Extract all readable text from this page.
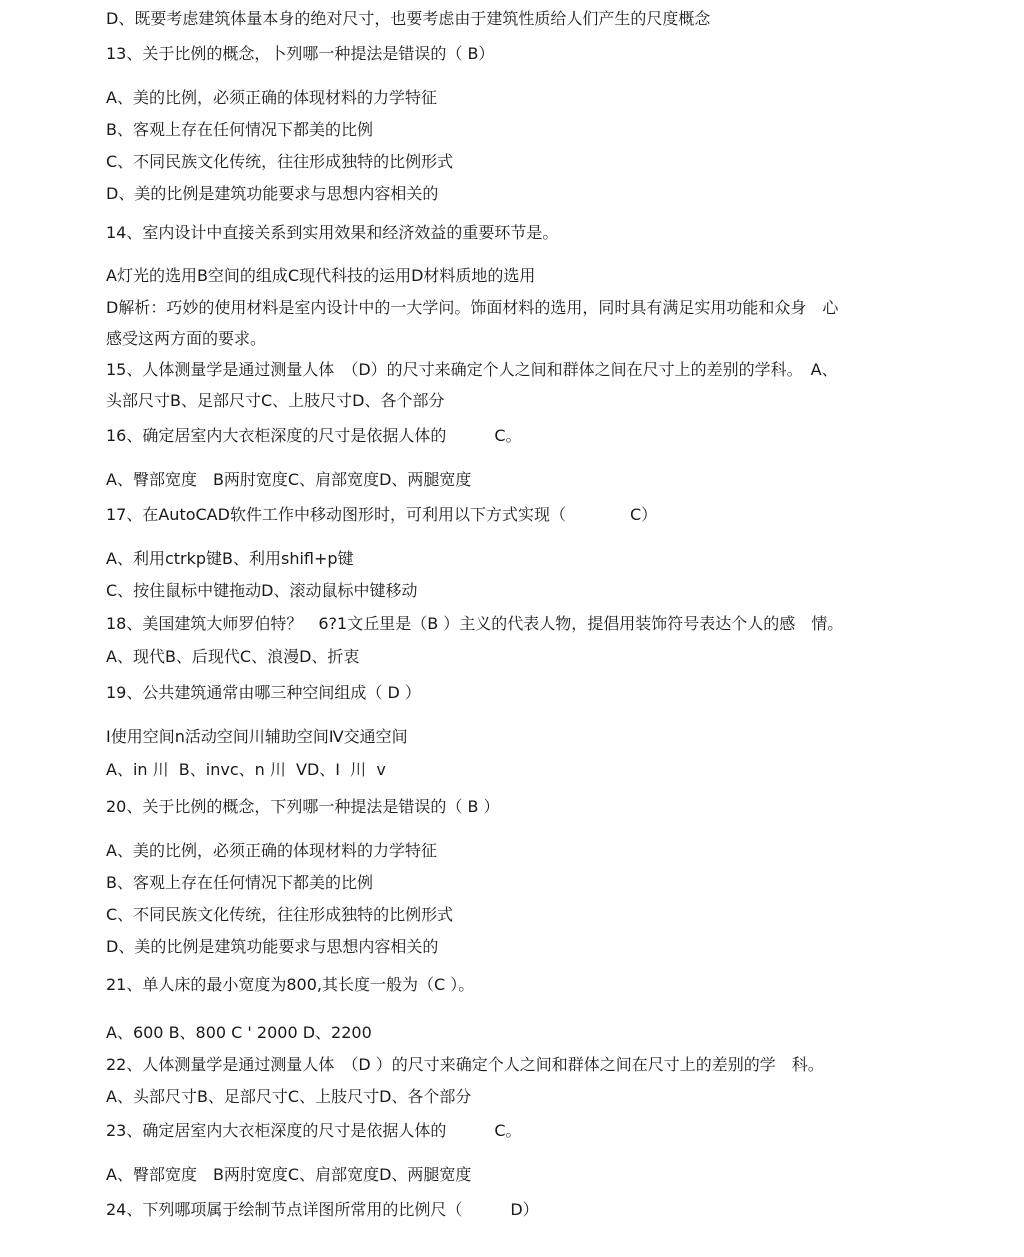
D、既要考虑建筑体量本身的绝对尺寸，也要考虑由于建筑性质给人们产生的尺度概念
13、关于比例的概念，卜列哪一种提法是错误的（ B）
A、美的比例，必须正确的体现材料的力学特征
B、客观上存在任何情况下都美的比例
C、不同民族文化传统，往往形成独特的比例形式
D、美的比例是建筑功能要求与思想内容相关的
14、室内设计中直接关系到实用效果和经济效益的重要环节是。
A灯光的选用B空间的组成C现代科技的运用D材料质地的选用
D解析：巧妙的使用材料是室内设计中的一大学问。饰面材料的选用，同时具有满足实用功能和众身　心
感受这两方面的要求。
15、人体测量学是通过测量人体　（D）的尺寸来确定个人之间和群体之间在尺寸上的差别的学科。　A、
头部尺寸B、足部尺寸C、上肢尺寸D、各个部分
16、确定居室内大衣柜深度的尺寸是依据人体的　　　C。
A、臀部宽度　B两肘宽度C、肩部宽度D、两腿宽度
17、在AutoCAD软件工作中移动图形时，可利用以下方式实现（　　　　C）
A、利用ctrkp键B、利用shifl+p键
C、按住鼠标中键拖动D、滚动鼠标中键移动
18、美国建筑大师罗伯特？　6?1文丘里是（B ）主义的代表人物，提倡用装饰符号表达个人的感　情。
A、现代B、后现代C、浪漫D、折衷
19、公共建筑通常由哪三种空间组成（ D ）
I使用空间n活动空间川辅助空间Ⅳ交通空间
A、in 川  B、invc、n 川  VD、I  川  v
20、关于比例的概念，下列哪一种提法是错误的（ B ）
A、美的比例，必须正确的体现材料的力学特征
B、客观上存在任何情况下都美的比例
C、不同民族文化传统，往往形成独特的比例形式
D、美的比例是建筑功能要求与思想内容相关的
21、单人床的最小宽度为800,其长度一般为（C ）。
A、600 B、800 C ' 2000 D、2200
22、人体测量学是通过测量人体　（D ）的尺寸来确定个人之间和群体之间在尺寸上的差别的学　科。
A、头部尺寸B、足部尺寸C、上肢尺寸D、各个部分
23、确定居室内大衣柜深度的尺寸是依据人体的　　　C。
A、臀部宽度　B两肘宽度C、肩部宽度D、两腿宽度
24、下列哪项属于绘制节点详图所常用的比例尺（　　　D）
